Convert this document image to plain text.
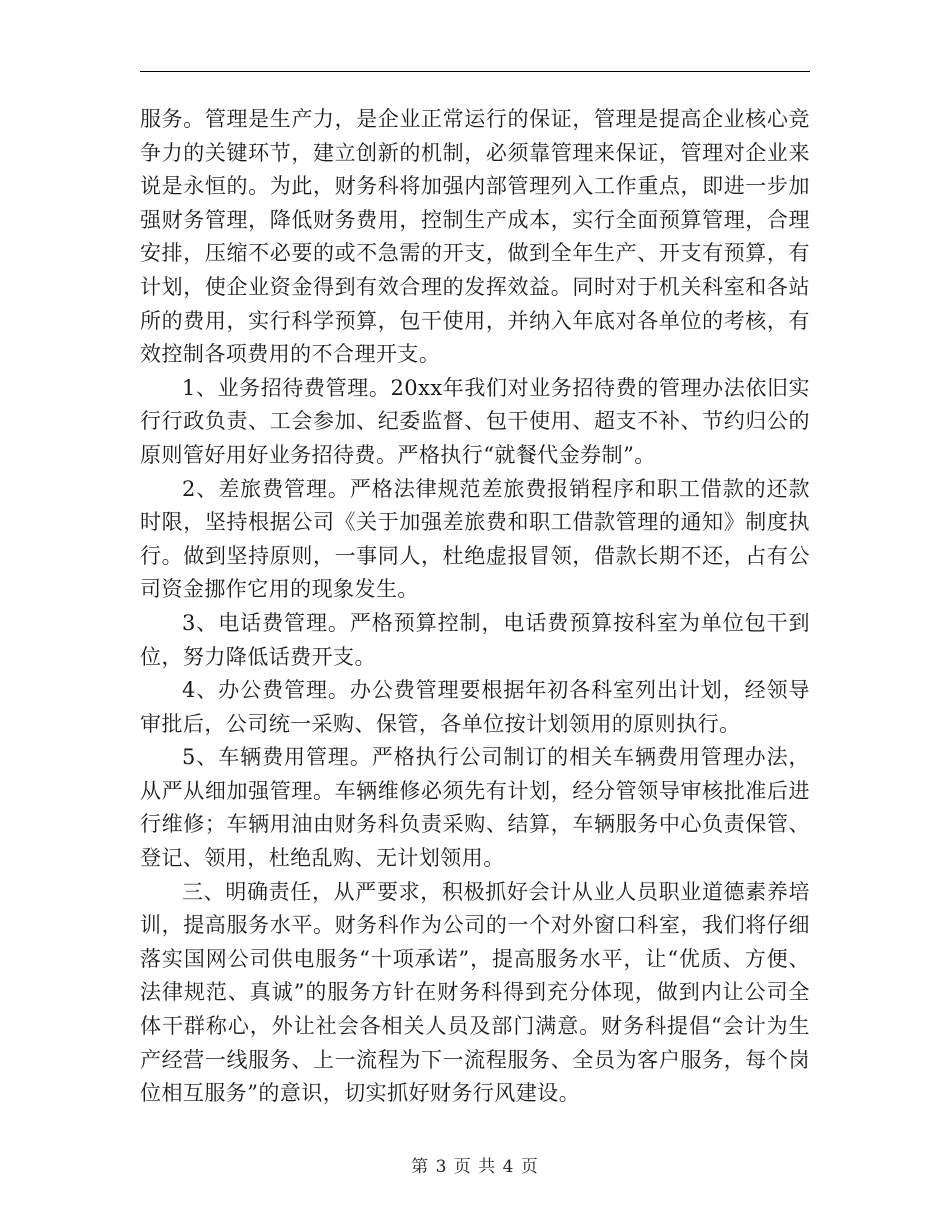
服务。管理是生产力，是企业正常运行的保证，管理是提高企业核心竞争力的关键环节，建立创新的机制，必须靠管理来保证，管理对企业来说是永恒的。为此，财务科将加强内部管理列入工作重点，即进一步加强财务管理，降低财务费用，控制生产成本，实行全面预算管理，合理安排，压缩不必要的或不急需的开支，做到全年生产、开支有预算，有计划，使企业资金得到有效合理的发挥效益。同时对于机关科室和各站所的费用，实行科学预算，包干使用，并纳入年底对各单位的考核，有效控制各项费用的不合理开支。

1、业务招待费管理。20xx年我们对业务招待费的管理办法依旧实行行政负责、工会参加、纪委监督、包干使用、超支不补、节约归公的原则管好用好业务招待费。严格执行“就餐代金券制”。

2、差旅费管理。严格法律规范差旅费报销程序和职工借款的还款时限，坚持根据公司《关于加强差旅费和职工借款管理的通知》制度执行。做到坚持原则，一事同人，杜绝虚报冒领，借款长期不还，占有公司资金挪作它用的现象发生。

3、电话费管理。严格预算控制，电话费预算按科室为单位包干到位，努力降低话费开支。

4、办公费管理。办公费管理要根据年初各科室列出计划，经领导审批后，公司统一采购、保管，各单位按计划领用的原则执行。

5、车辆费用管理。严格执行公司制订的相关车辆费用管理办法，从严从细加强管理。车辆维修必须先有计划，经分管领导审核批准后进行维修；车辆用油由财务科负责采购、结算，车辆服务中心负责保管、登记、领用，杜绝乱购、无计划领用。

三、明确责任，从严要求，积极抓好会计从业人员职业道德素养培训，提高服务水平。财务科作为公司的一个对外窗口科室，我们将仔细落实国网公司供电服务“十项承诺”，提高服务水平，让“优质、方便、法律规范、真诚”的服务方针在财务科得到充分体现，做到内让公司全体干群称心，外让社会各相关人员及部门满意。财务科提倡“会计为生产经营一线服务、上一流程为下一流程服务、全员为客户服务，每个岗位相互服务”的意识，切实抓好财务行风建设。

第 3 页 共 4 页
